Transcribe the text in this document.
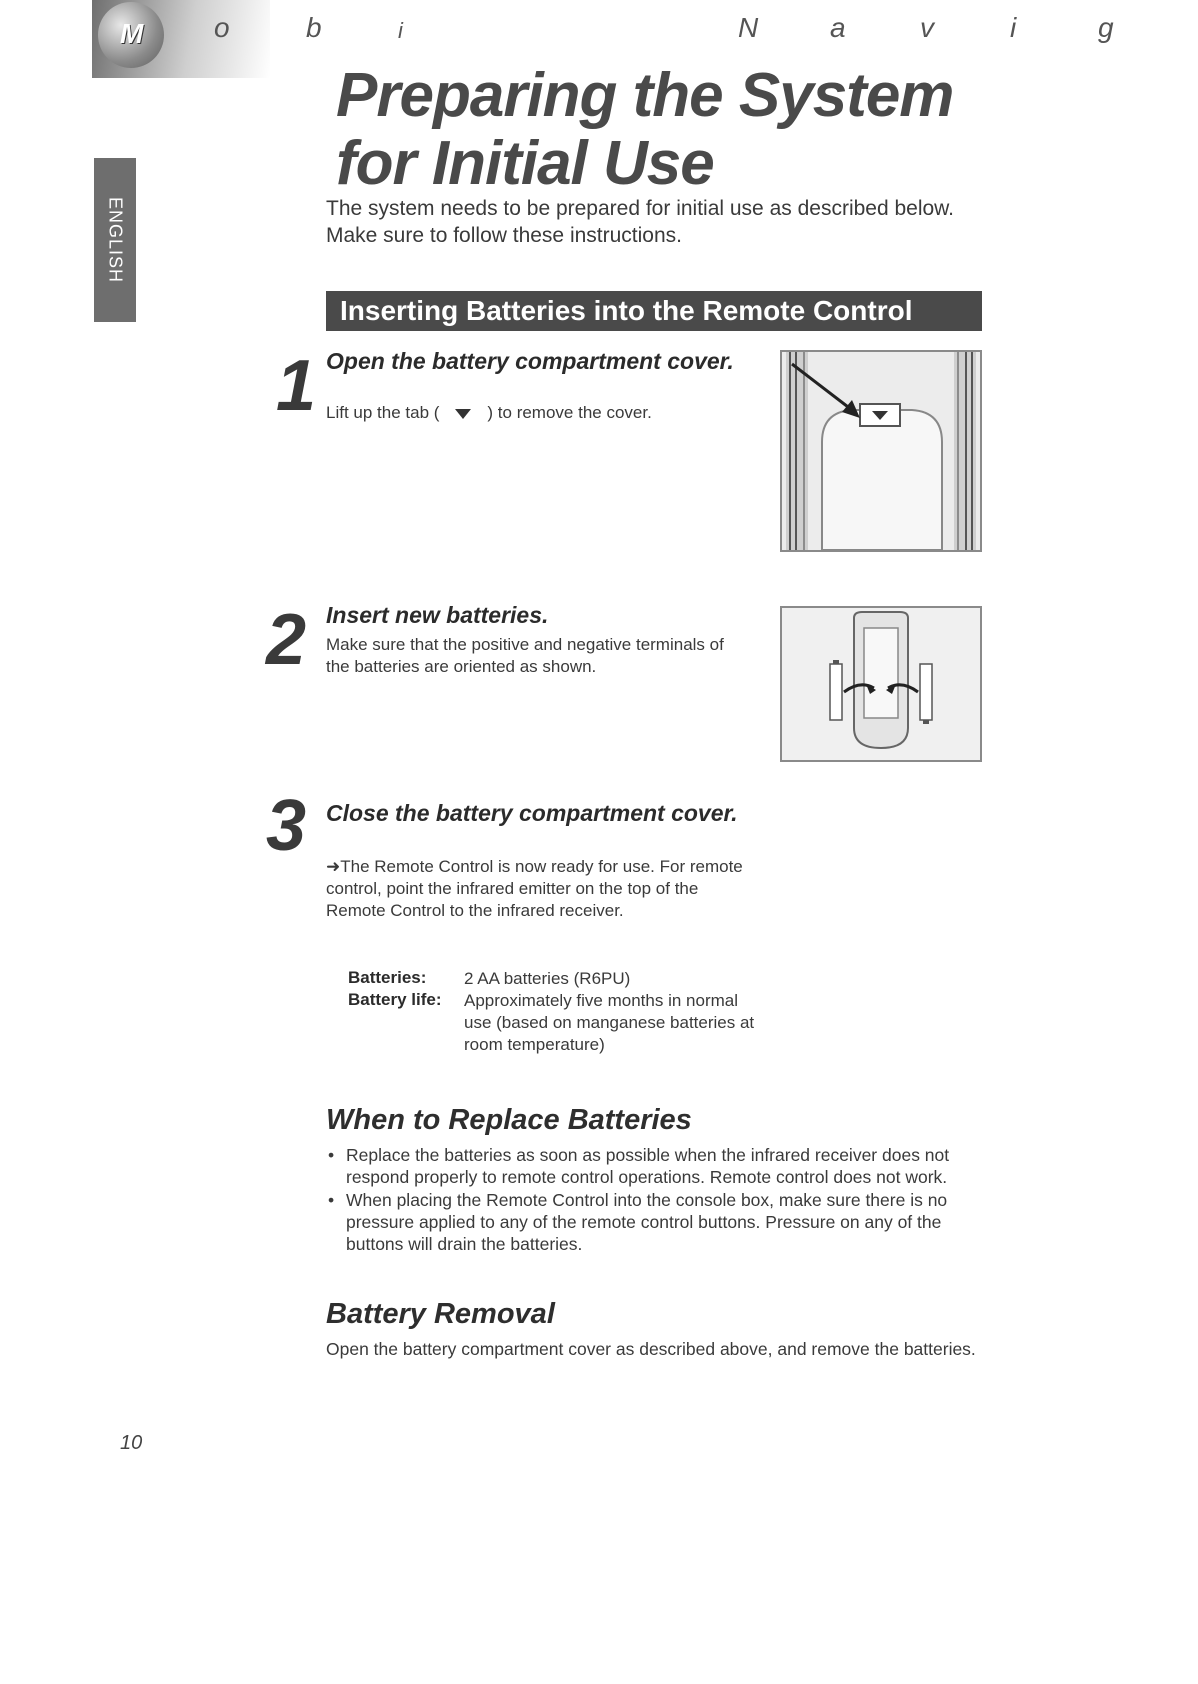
M	o	b	i	N	a	v	i	g
ENGLISH
Preparing the System
for Initial Use

The system needs to be prepared for initial use as described below. Make sure to follow these instructions.

Inserting Batteries into the Remote Control
1 Open the battery compartment cover.

Lift up the tab (	) to remove the cover.

2 Insert new batteries.

Make sure that the positive and negative terminals of the batteries are oriented as shown.

3 Close the battery compartment cover.

➜The Remote Control is now ready for use. For remote control, point the infrared emitter on the top of the Remote Control to the infrared receiver.

Batteries: 2 AA batteries (R6PU)

Battery life: Approximately five months in normal use (based on manganese batteries at room temperature)

When to Replace Batteries
• Replace the batteries as soon as possible when the infrared receiver does not respond properly to remote control operations. Remote control does not work.
• When placing the Remote Control into the console box, make sure there is no pressure applied to any of the remote control buttons. Pressure on any of the buttons will drain the batteries.
Battery Removal

Open the battery compartment cover as described above, and remove the batteries.

10
